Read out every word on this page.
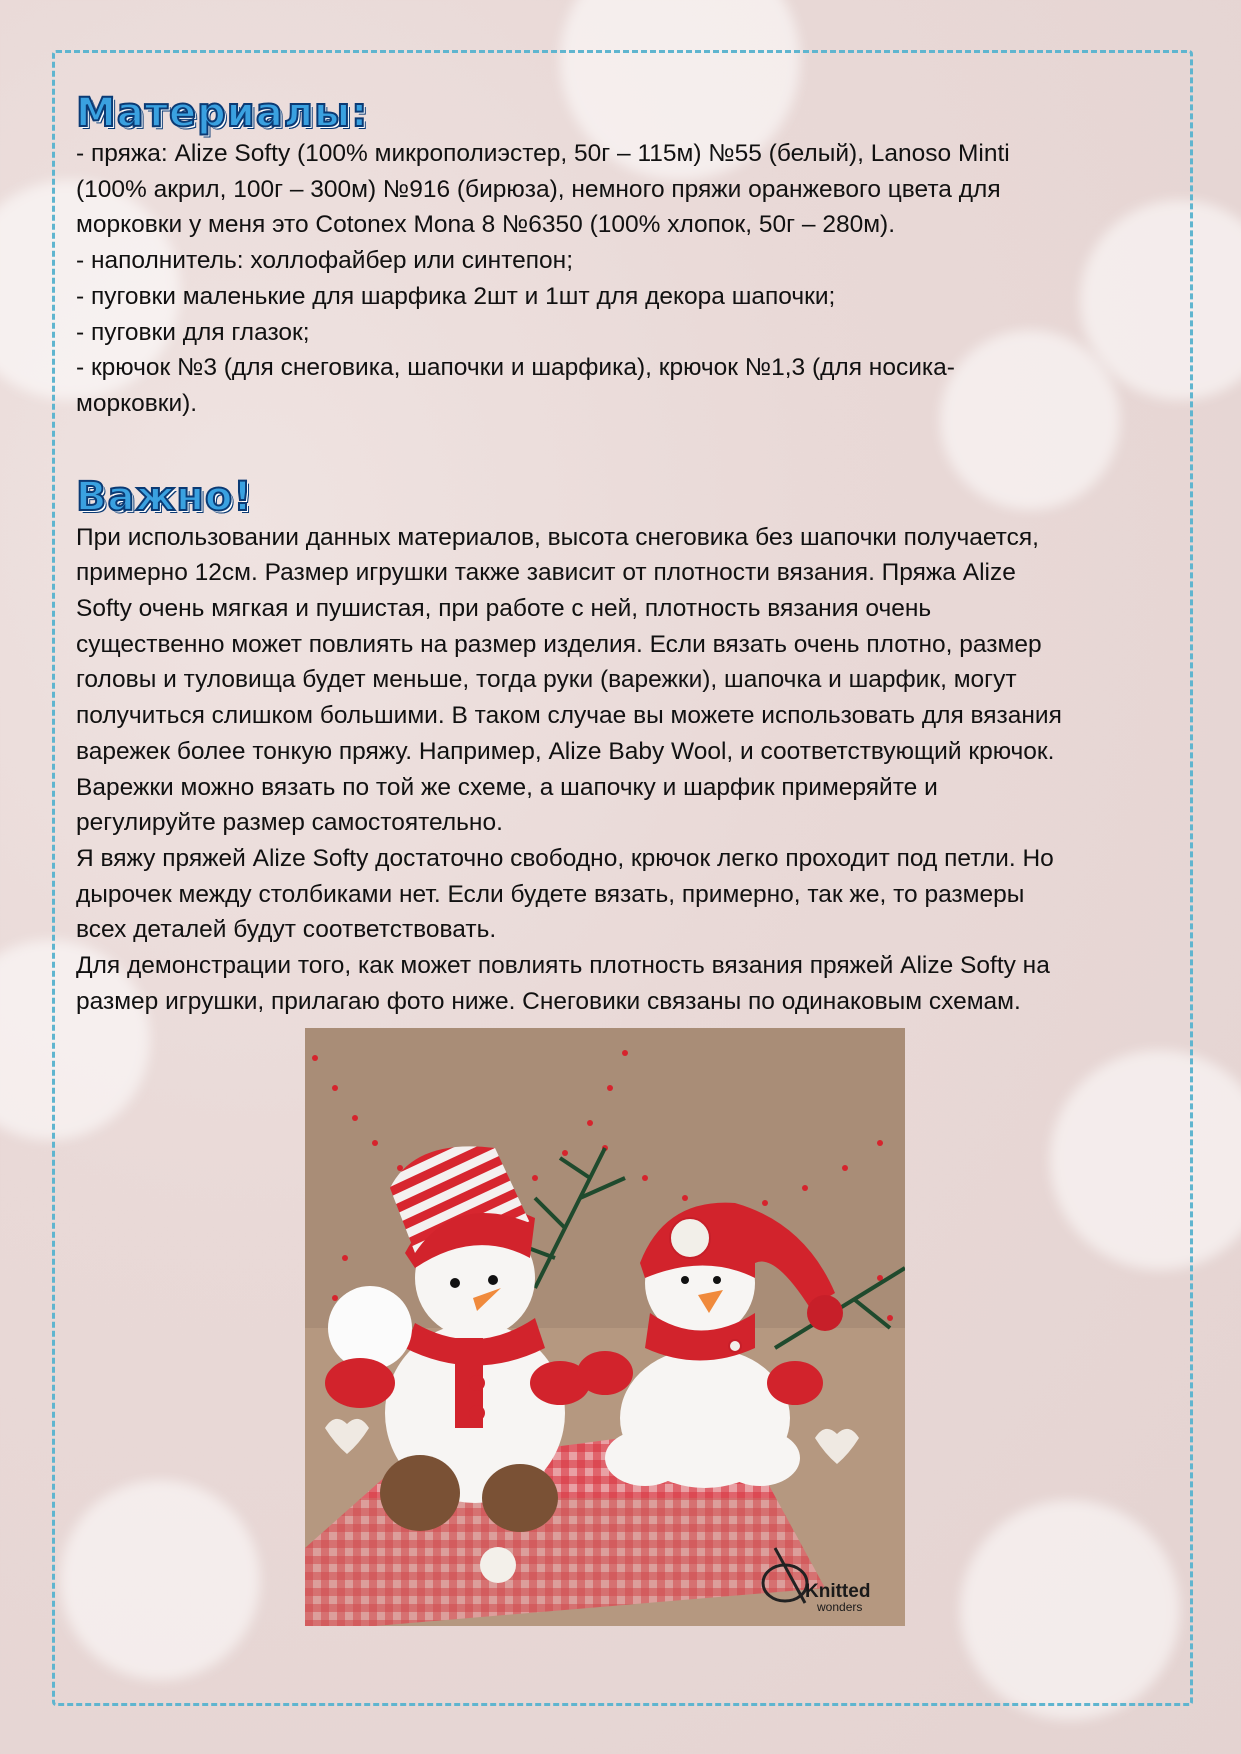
Материалы:

- пряжа: Alize Softy (100% микрополиэстер, 50г – 115м) №55 (белый), Lanoso Minti

(100% акрил, 100г – 300м) №916 (бирюза), немного пряжи оранжевого цвета для

морковки у меня это Cotonex Mona 8 №6350 (100% хлопок, 50г – 280м).

- наполнитель: холлофайбер или синтепон;

- пуговки маленькие для шарфика 2шт и 1шт для декора шапочки;

- пуговки для глазок;

- крючок №3 (для снеговика, шапочки и шарфика), крючок №1,3 (для носика-

морковки).

Важно!

При использовании данных материалов, высота снеговика без шапочки получается,

примерно 12см. Размер игрушки также зависит от плотности вязания. Пряжа Alize

Softy очень мягкая и пушистая, при работе с ней, плотность вязания очень

существенно может повлиять на размер изделия. Если вязать очень плотно, размер

головы и туловища будет меньше, тогда руки (варежки), шапочка и шарфик, могут

получиться слишком большими. В таком случае вы можете использовать для вязания

варежек более тонкую пряжу. Например, Alize Baby Wool, и соответствующий крючок.

Варежки можно вязать по той же схеме, а шапочку и шарфик примеряйте и

регулируйте размер самостоятельно.

Я вяжу пряжей Alize Softy достаточно свободно, крючок легко проходит под петли. Но

дырочек между столбиками нет. Если будете вязать, примерно, так же, то размеры

всех деталей будут соответствовать.

Для демонстрации того, как может повлиять плотность вязания пряжей Alize Softy на

размер игрушки, прилагаю фото ниже. Снеговики связаны по одинаковым схемам.

Knitted
wonders
